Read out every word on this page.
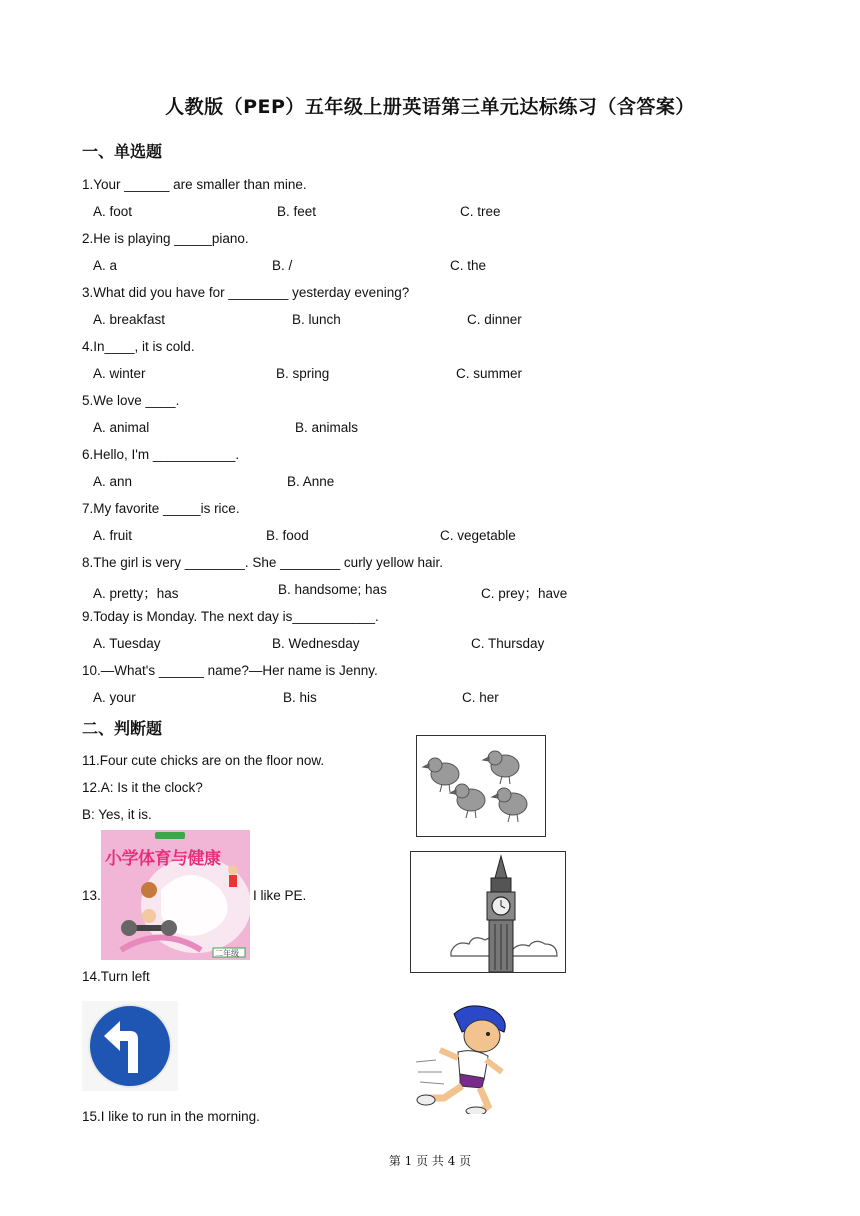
人教版（PEP）五年级上册英语第三单元达标练习（含答案）
一、单选题
1.Your ______ are smaller than mine.
A. foot	B. feet	C. tree
2.He is playing _____piano.
A. a	B. /	C. the
3.What did you have for ________ yesterday evening?
A. breakfast	B. lunch	C. dinner
4.In____, it is cold.
A. winter	B. spring	C. summer
5.We love ____.
A. animal	B. animals
6.Hello, I'm ___________.
A. ann	B. Anne
7.My favorite _____is rice.
A. fruit	B. food	C. vegetable
8.The girl is very ________. She ________ curly yellow hair.
A. pretty；has	B. handsome; has	C. prey；have
9.Today is Monday. The next day is___________.
A. Tuesday	B. Wednesday	C. Thursday
10.—What's ______ name?—Her name is Jenny.
A. your	B. his	C. her
二、判断题
11.Four cute chicks are on the floor now.
12.A: Is it the clock?
B: Yes, it is.
13.	I like PE.
14.Turn left
15.I like to run in the morning.
小学体育与健康
二年级
第 1 页 共 4 页
